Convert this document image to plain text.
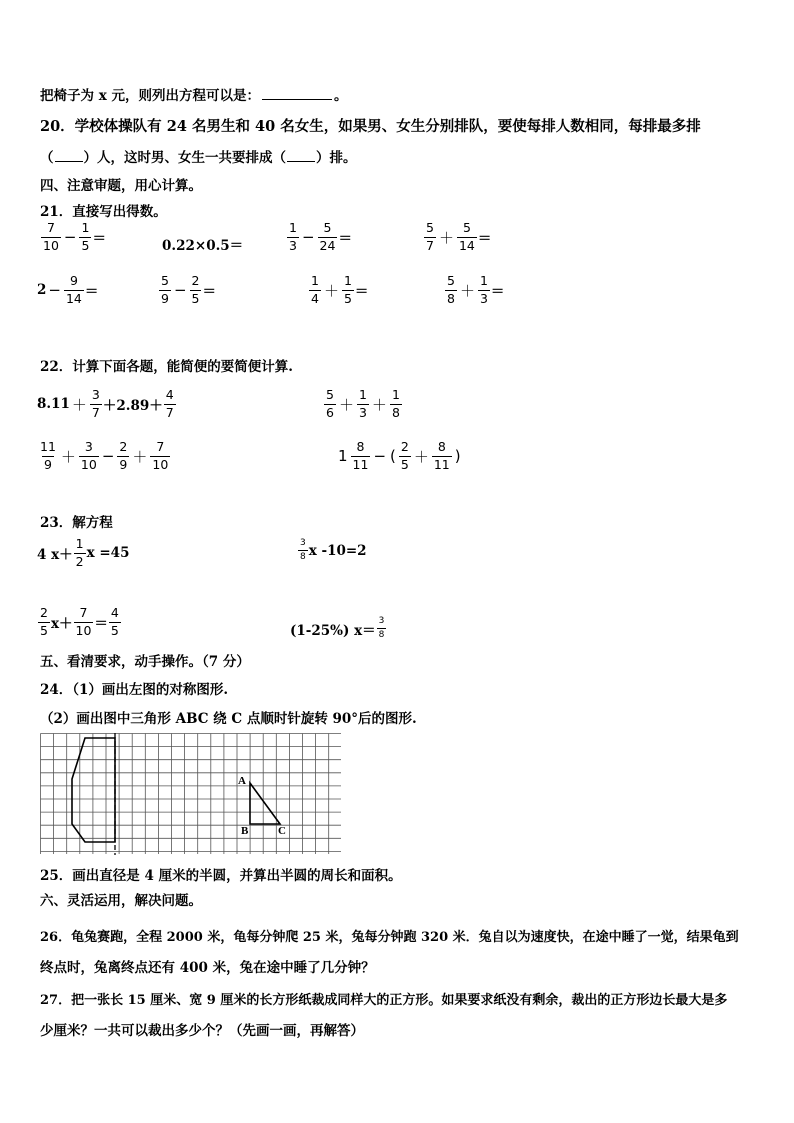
把椅子为 x 元，则列出方程可以是：	。
20．学校体操队有 24 名男生和 40 名女生，如果男、女生分别排队，要使每排人数相同，每排最多排
（ ）人，这时男、女生一共要排成（ ）排。
四、注意审题，用心计算。
21．直接写出得数。
$\frac{7}{10} - \frac{1}{5}$ ＝	0.22×0.5＝	$\frac{1}{3} - \frac{5}{24}$ ＝	$\frac{5}{7} + \frac{5}{14}$ ＝
$2 - \frac{9}{14}$ ＝	$\frac{5}{9} - \frac{2}{5}$ ＝	$\frac{1}{4} + \frac{1}{5}$ ＝	$\frac{5}{8} + \frac{1}{3}$ ＝
22．计算下面各题，能简便的要简便计算.
$8.11 + \frac{3}{7} +2.89+ \frac{4}{7}$	$\frac{5}{6} + \frac{1}{3} + \frac{1}{8}$
$\frac{11}{9} + \frac{3}{10} - \frac{2}{9} + \frac{7}{10}$	$1 \frac{8}{11}$ − ( $\frac{2}{5} + \frac{8}{11}$ )
23．解方程
4 $x+ \frac{1}{2}$ x =45	$\frac{3}{8}$ x -10=2
$\frac{2}{5} x+ \frac{7}{10} = \frac{4}{5}$	(1-25%) $x= \frac{3}{8}$
五、看清要求，动手操作。（7 分）
24．（1）画出左图的对称图形.
（2）画出图中三角形 ABC 绕 C 点顺时针旋转 90°后的图形.
A
B	C
25．画出直径是 4 厘米的半圆，并算出半圆的周长和面积。
六、灵活运用，解决问题。
26．龟兔赛跑，全程 2000 米，龟每分钟爬 25 米，兔每分钟跑 320 米．兔自以为速度快，在途中睡了一觉，结果龟到
终点时，兔离终点还有 400 米，兔在途中睡了几分钟？
27．把一张长 15 厘米、宽 9 厘米的长方形纸裁成同样大的正方形。如果要求纸没有剩余，裁出的正方形边长最大是多
少厘米？一共可以裁出多少个？（先画一画，再解答）
